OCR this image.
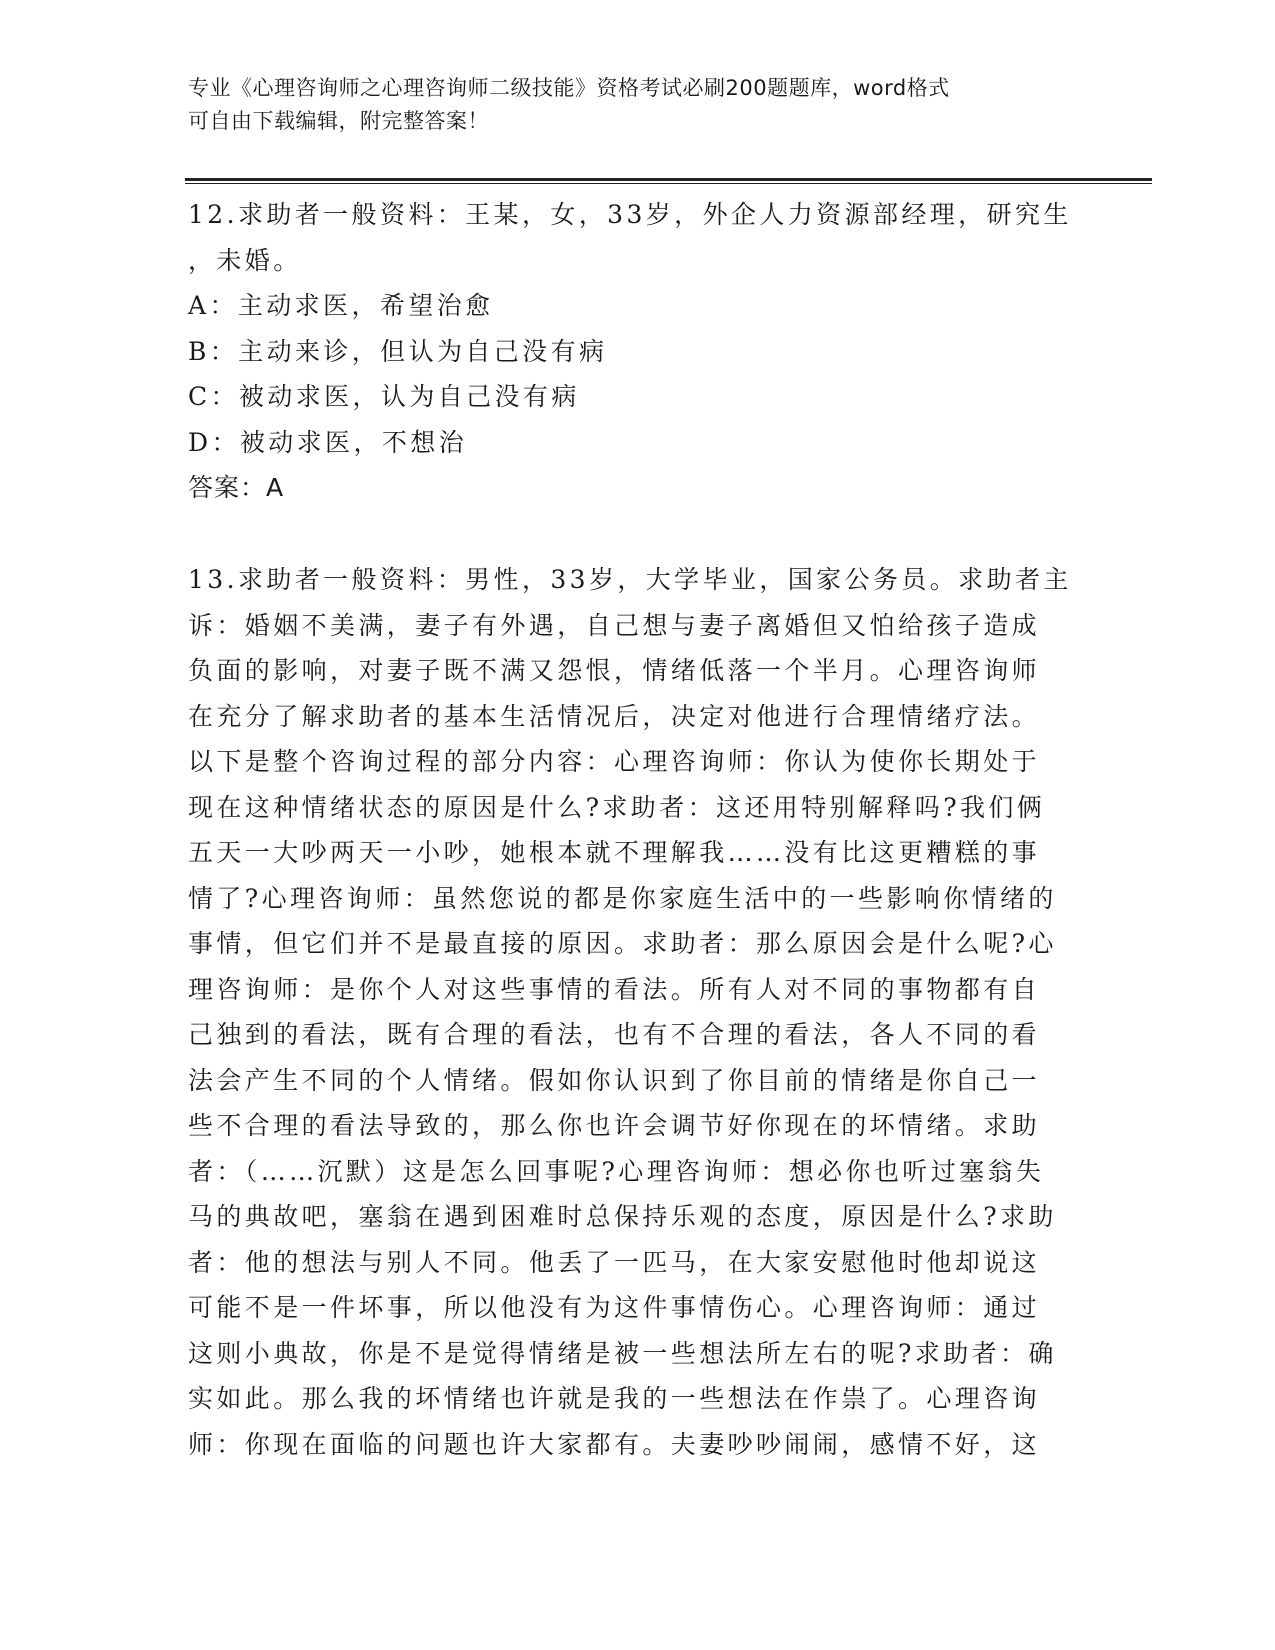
专业《心理咨询师之心理咨询师二级技能》资格考试必刷200题题库，word格式
可自由下载编辑，附完整答案！
12.求助者一般资料：王某，女，33岁，外企人力资源部经理，研究生
，未婚。
A：主动求医，希望治愈
B：主动来诊，但认为自己没有病
C：被动求医，认为自己没有病
D：被动求医，不想治
答案：A
13.求助者一般资料：男性，33岁，大学毕业，国家公务员。求助者主
诉：婚姻不美满，妻子有外遇，自己想与妻子离婚但又怕给孩子造成
负面的影响，对妻子既不满又怨恨，情绪低落一个半月。心理咨询师
在充分了解求助者的基本生活情况后，决定对他进行合理情绪疗法。
以下是整个咨询过程的部分内容：心理咨询师：你认为使你长期处于
现在这种情绪状态的原因是什么?求助者：这还用特别解释吗?我们俩
五天一大吵两天一小吵，她根本就不理解我……没有比这更糟糕的事
情了?心理咨询师：虽然您说的都是你家庭生活中的一些影响你情绪的
事情，但它们并不是最直接的原因。求助者：那么原因会是什么呢?心
理咨询师：是你个人对这些事情的看法。所有人对不同的事物都有自
己独到的看法，既有合理的看法，也有不合理的看法，各人不同的看
法会产生不同的个人情绪。假如你认识到了你目前的情绪是你自己一
些不合理的看法导致的，那么你也许会调节好你现在的坏情绪。求助
者：（……沉默）这是怎么回事呢?心理咨询师：想必你也听过塞翁失
马的典故吧，塞翁在遇到困难时总保持乐观的态度，原因是什么?求助
者：他的想法与别人不同。他丢了一匹马，在大家安慰他时他却说这
可能不是一件坏事，所以他没有为这件事情伤心。心理咨询师：通过
这则小典故，你是不是觉得情绪是被一些想法所左右的呢?求助者：确
实如此。那么我的坏情绪也许就是我的一些想法在作祟了。心理咨询
师：你现在面临的问题也许大家都有。夫妻吵吵闹闹，感情不好，这
